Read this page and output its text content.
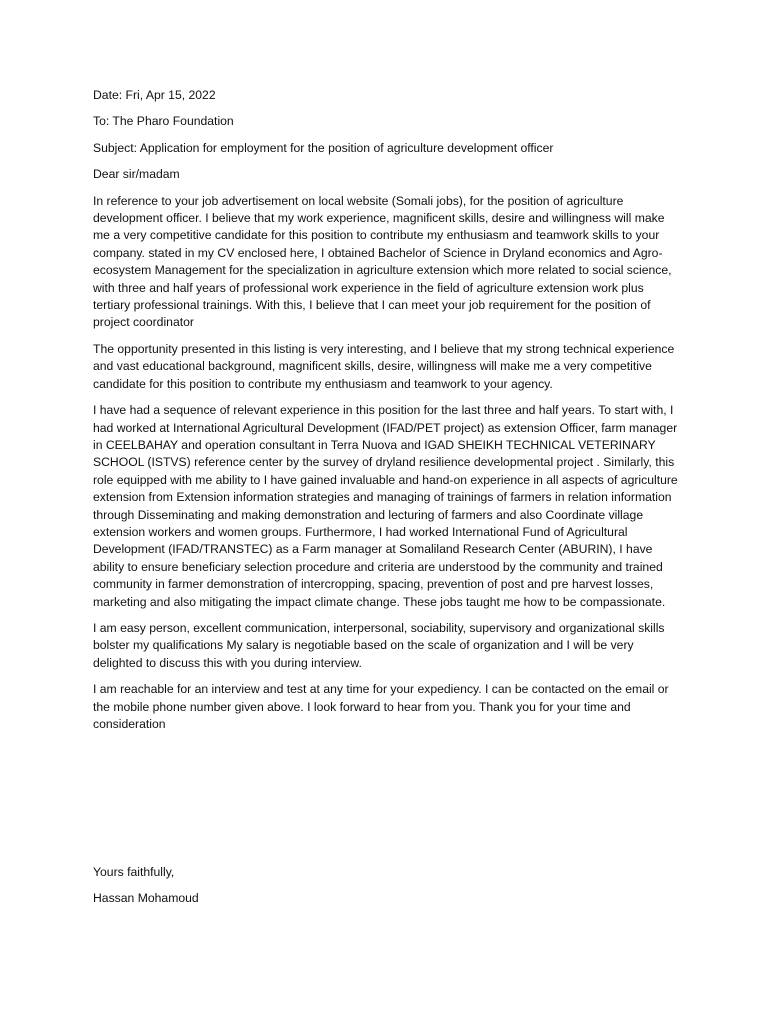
Date: Fri, Apr 15, 2022
To: The Pharo Foundation
Subject: Application for employment for the position of agriculture development officer
Dear sir/madam

In reference to your job advertisement on local website (Somali jobs), for the position of agriculture development officer. I believe that my work experience, magnificent skills, desire and willingness will make me a very competitive candidate for this position to contribute my enthusiasm and teamwork skills to your company. stated in my CV enclosed here, I obtained Bachelor of Science in Dryland economics and Agro-ecosystem Management for the specialization in agriculture extension which more related to social science, with three and half years of professional work experience in the field of agriculture extension work plus tertiary professional trainings. With this, I believe that I can meet your job requirement for the position of project coordinator

The opportunity presented in this listing is very interesting, and I believe that my strong technical experience and vast educational background, magnificent skills, desire, willingness will make me a very competitive candidate for this position to contribute my enthusiasm and teamwork to your agency.

I have had a sequence of relevant experience in this position for the last three and half years. To start with, I had worked at International Agricultural Development (IFAD/PET project) as extension Officer, farm manager in CEELBAHAY and operation consultant in Terra Nuova and IGAD SHEIKH TECHNICAL VETERINARY SCHOOL (ISTVS) reference center by the survey of dryland resilience developmental project . Similarly, this role equipped with me ability to I have gained invaluable and hand-on experience in all aspects of agriculture extension from Extension information strategies and managing of trainings of farmers in relation information through Disseminating and making demonstration and lecturing of farmers and also Coordinate village extension workers and women groups. Furthermore, I had worked International Fund of Agricultural Development (IFAD/TRANSTEC) as a Farm manager at Somaliland Research Center (ABURIN), I have ability to ensure beneficiary selection procedure and criteria are understood by the community and trained community in farmer demonstration of intercropping, spacing, prevention of post and pre harvest losses, marketing and also mitigating the impact climate change. These jobs taught me how to be compassionate.

I am easy person, excellent communication, interpersonal, sociability, supervisory and organizational skills bolster my qualifications My salary is negotiable based on the scale of organization and I will be very delighted to discuss this with you during interview.

I am reachable for an interview and test at any time for your expediency. I can be contacted on the email or the mobile phone number given above. I look forward to hear from you. Thank you for your time and consideration

Yours faithfully,
Hassan Mohamoud
